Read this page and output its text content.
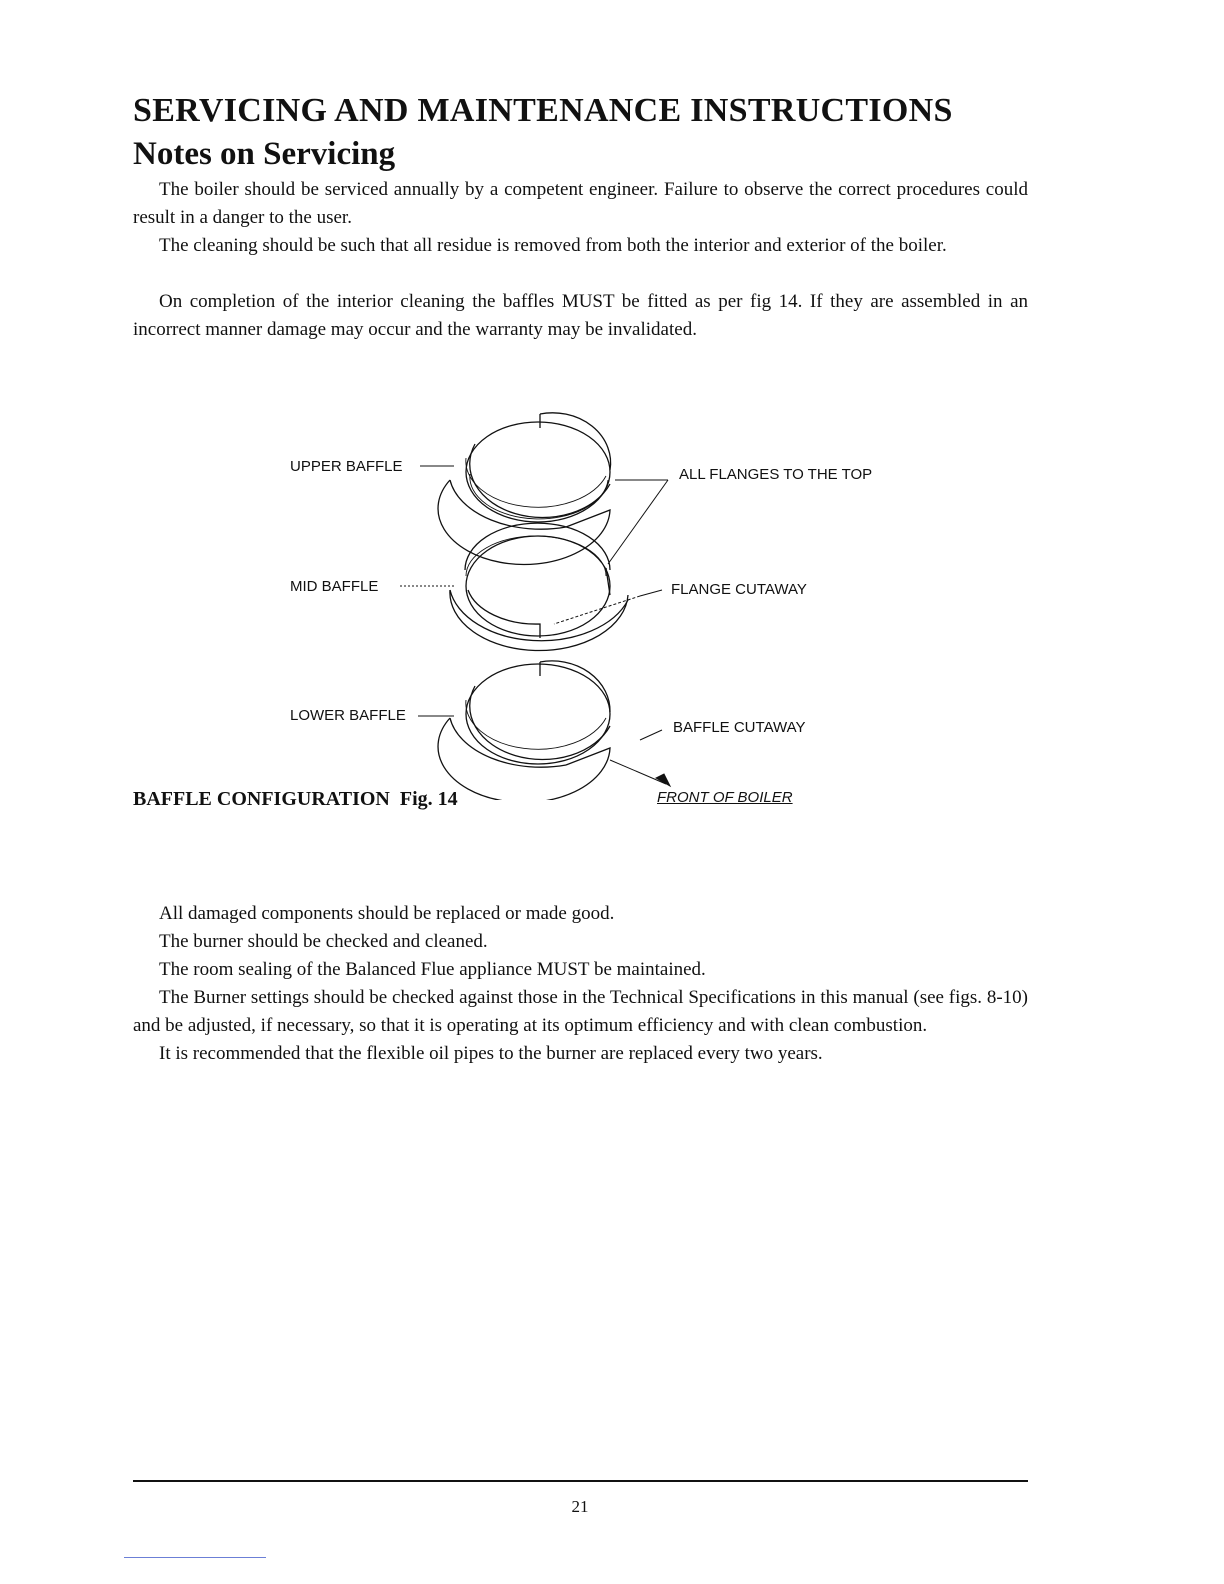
SERVICING AND MAINTENANCE INSTRUCTIONS
Notes on Servicing

The boiler should be serviced annually by a competent engineer. Failure to observe the correct procedures could result in a danger to the user.

The cleaning should be such that all residue is removed from both the interior and exterior of the boiler.

On completion of the interior cleaning the baffles MUST be fitted as per fig 14. If they are assembled in an incorrect manner damage may occur and the warranty may be invalidated.

UPPER BAFFLE
MID BAFFLE
LOWER BAFFLE
ALL FLANGES TO THE TOP
FLANGE CUTAWAY
BAFFLE CUTAWAY

BAFFLE CONFIGURATION  Fig. 14	FRONT OF BOILER

All damaged components should be replaced or made good.

The burner should be checked and cleaned.

The room sealing of the Balanced Flue appliance MUST be maintained.

The Burner settings should be checked against those in the Technical Specifications in this manual (see figs. 8-10) and be adjusted, if necessary, so that it is operating at its optimum efficiency and with clean combustion.

It is recommended that the flexible oil pipes to the burner are replaced every two years.

21
